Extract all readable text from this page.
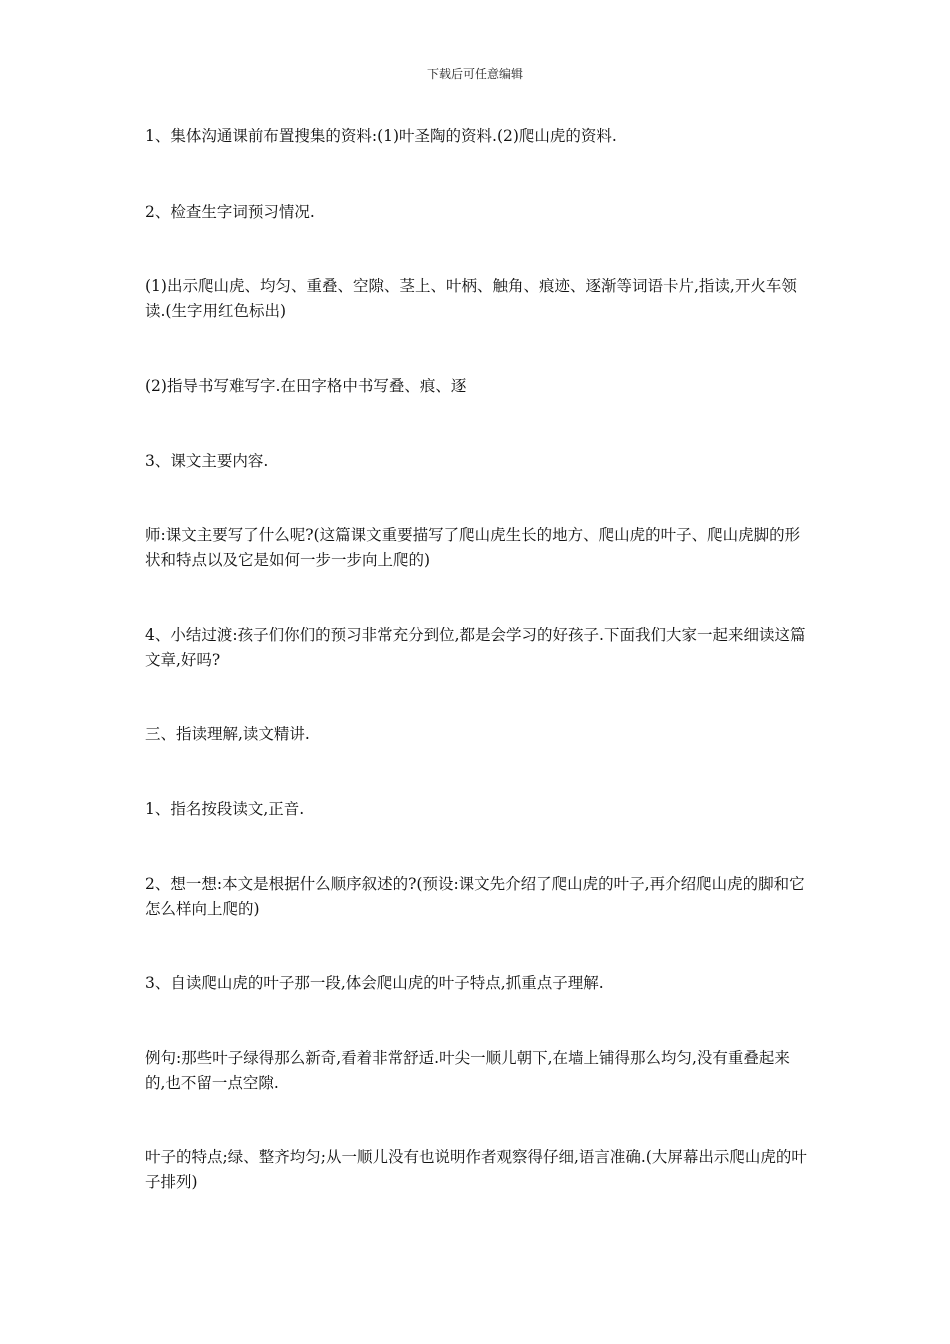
下载后可任意编辑

1、集体沟通课前布置搜集的资料:(1)叶圣陶的资料.(2)爬山虎的资料.

2、检查生字词预习情况.

(1)出示爬山虎、均匀、重叠、空隙、茎上、叶柄、触角、痕迹、逐渐等词语卡片,指读,开火车领读.(生字用红色标出)

(2)指导书写难写字.在田字格中书写叠、痕、逐

3、课文主要内容.

师:课文主要写了什么呢?(这篇课文重要描写了爬山虎生长的地方、爬山虎的叶子、爬山虎脚的形状和特点以及它是如何一步一步向上爬的)

4、小结过渡:孩子们你们的预习非常充分到位,都是会学习的好孩子.下面我们大家一起来细读这篇文章,好吗?

三、指读理解,读文精讲.

1、指名按段读文,正音.

2、想一想:本文是根据什么顺序叙述的?(预设:课文先介绍了爬山虎的叶子,再介绍爬山虎的脚和它怎么样向上爬的)

3、自读爬山虎的叶子那一段,体会爬山虎的叶子特点,抓重点子理解.

例句:那些叶子绿得那么新奇,看着非常舒适.叶尖一顺儿朝下,在墙上铺得那么均匀,没有重叠起来的,也不留一点空隙.

叶子的特点;绿、整齐均匀;从一顺儿没有也说明作者观察得仔细,语言准确.(大屏幕出示爬山虎的叶子排列)
